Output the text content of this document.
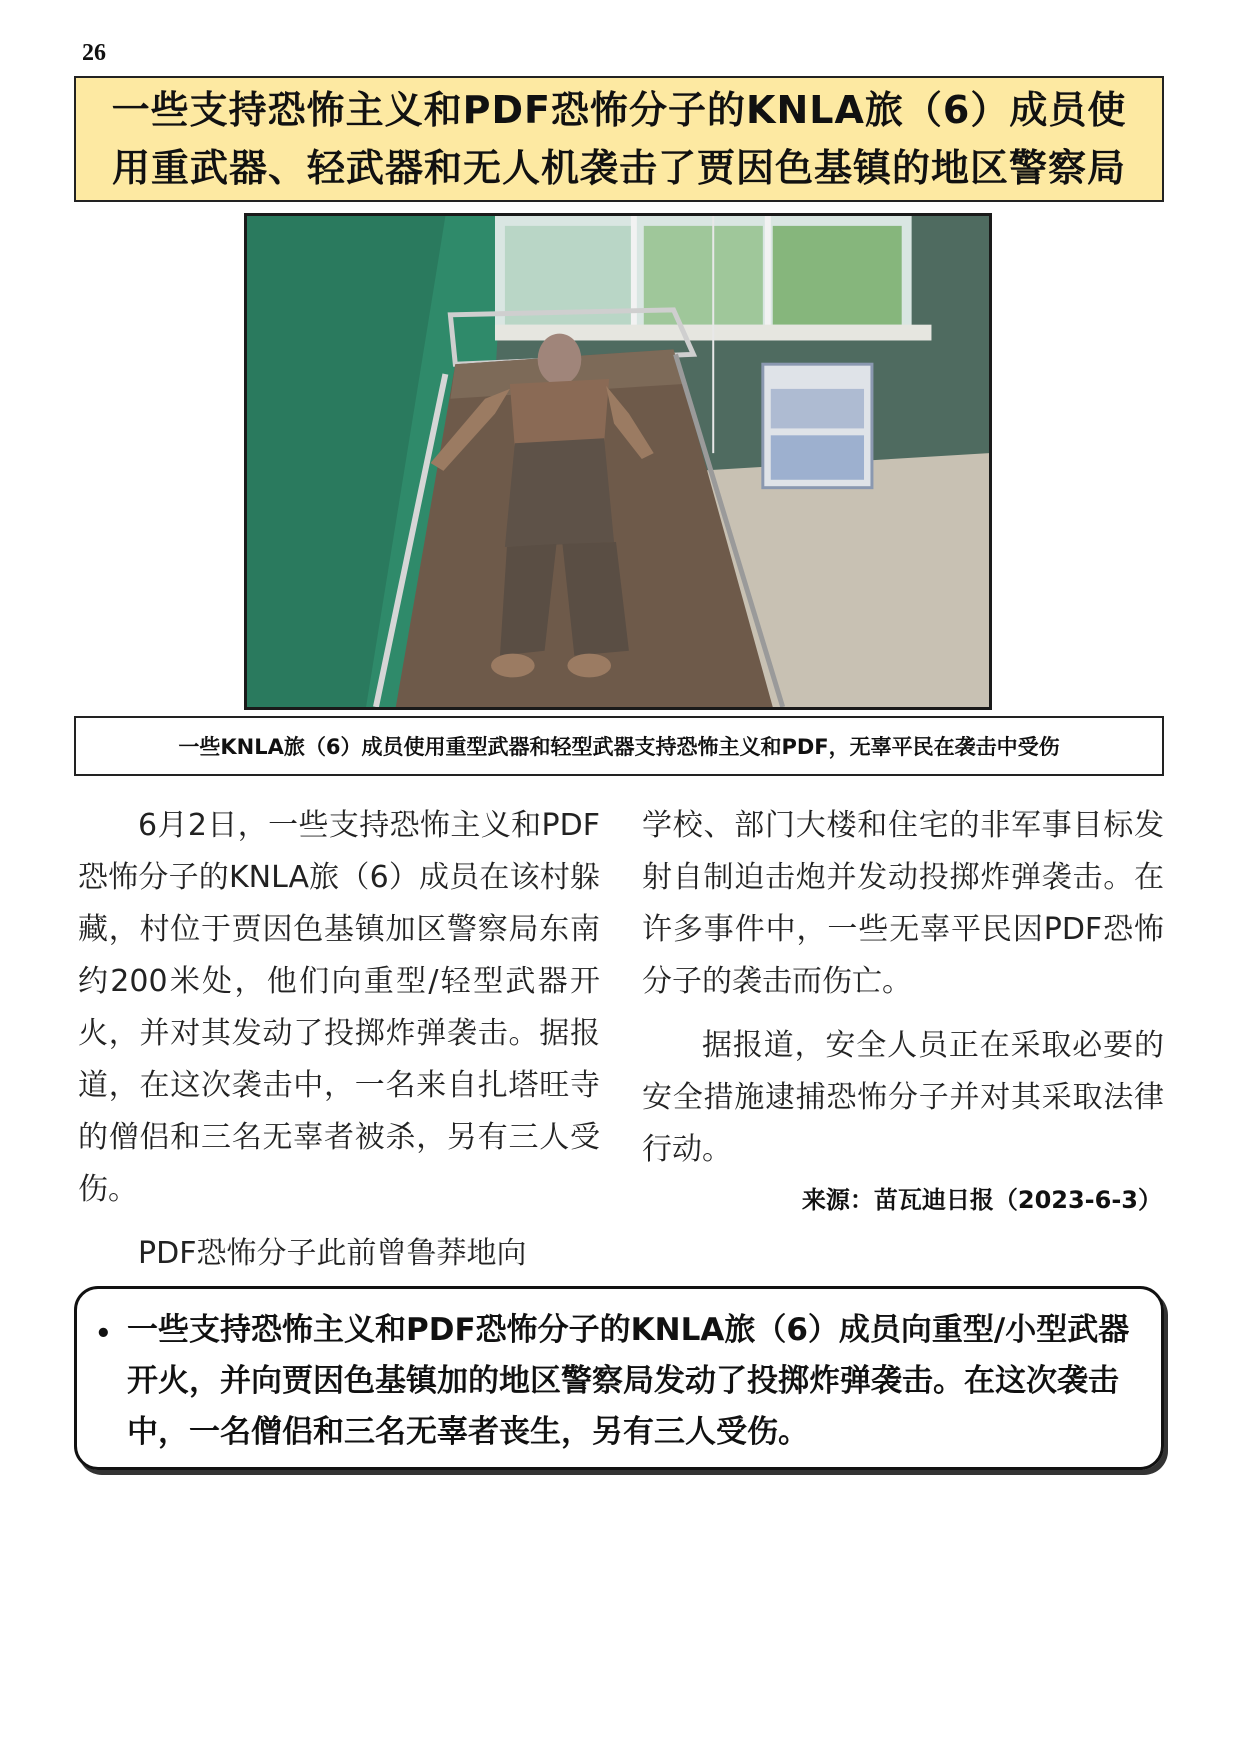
26
一些支持恐怖主义和PDF恐怖分子的KNLA旅（6）成员使用重武器、轻武器和无人机袭击了贾因色基镇的地区警察局

一些KNLA旅（6）成员使用重型武器和轻型武器支持恐怖主义和PDF，无辜平民在袭击中受伤

6月2日，一些支持恐怖主义和PDF恐怖分子的KNLA旅（6）成员在该村躲藏，村位于贾因色基镇加区警察局东南约200米处，他们向重型/轻型武器开火，并对其发动了投掷炸弹袭击。据报道，在这次袭击中，一名来自扎塔旺寺的僧侣和三名无辜者被杀，另有三人受伤。

PDF恐怖分子此前曾鲁莽地向

学校、部门大楼和住宅的非军事目标发射自制迫击炮并发动投掷炸弹袭击。在许多事件中，一些无辜平民因PDF恐怖分子的袭击而伤亡。

据报道，安全人员正在采取必要的安全措施逮捕恐怖分子并对其采取法律行动。

来源：苗瓦迪日报（2023-6-3）
• 一些支持恐怖主义和PDF恐怖分子的KNLA旅（6）成员向重型/小型武器开火，并向贾因色基镇加的地区警察局发动了投掷炸弹袭击。在这次袭击中，一名僧侣和三名无辜者丧生，另有三人受伤。
